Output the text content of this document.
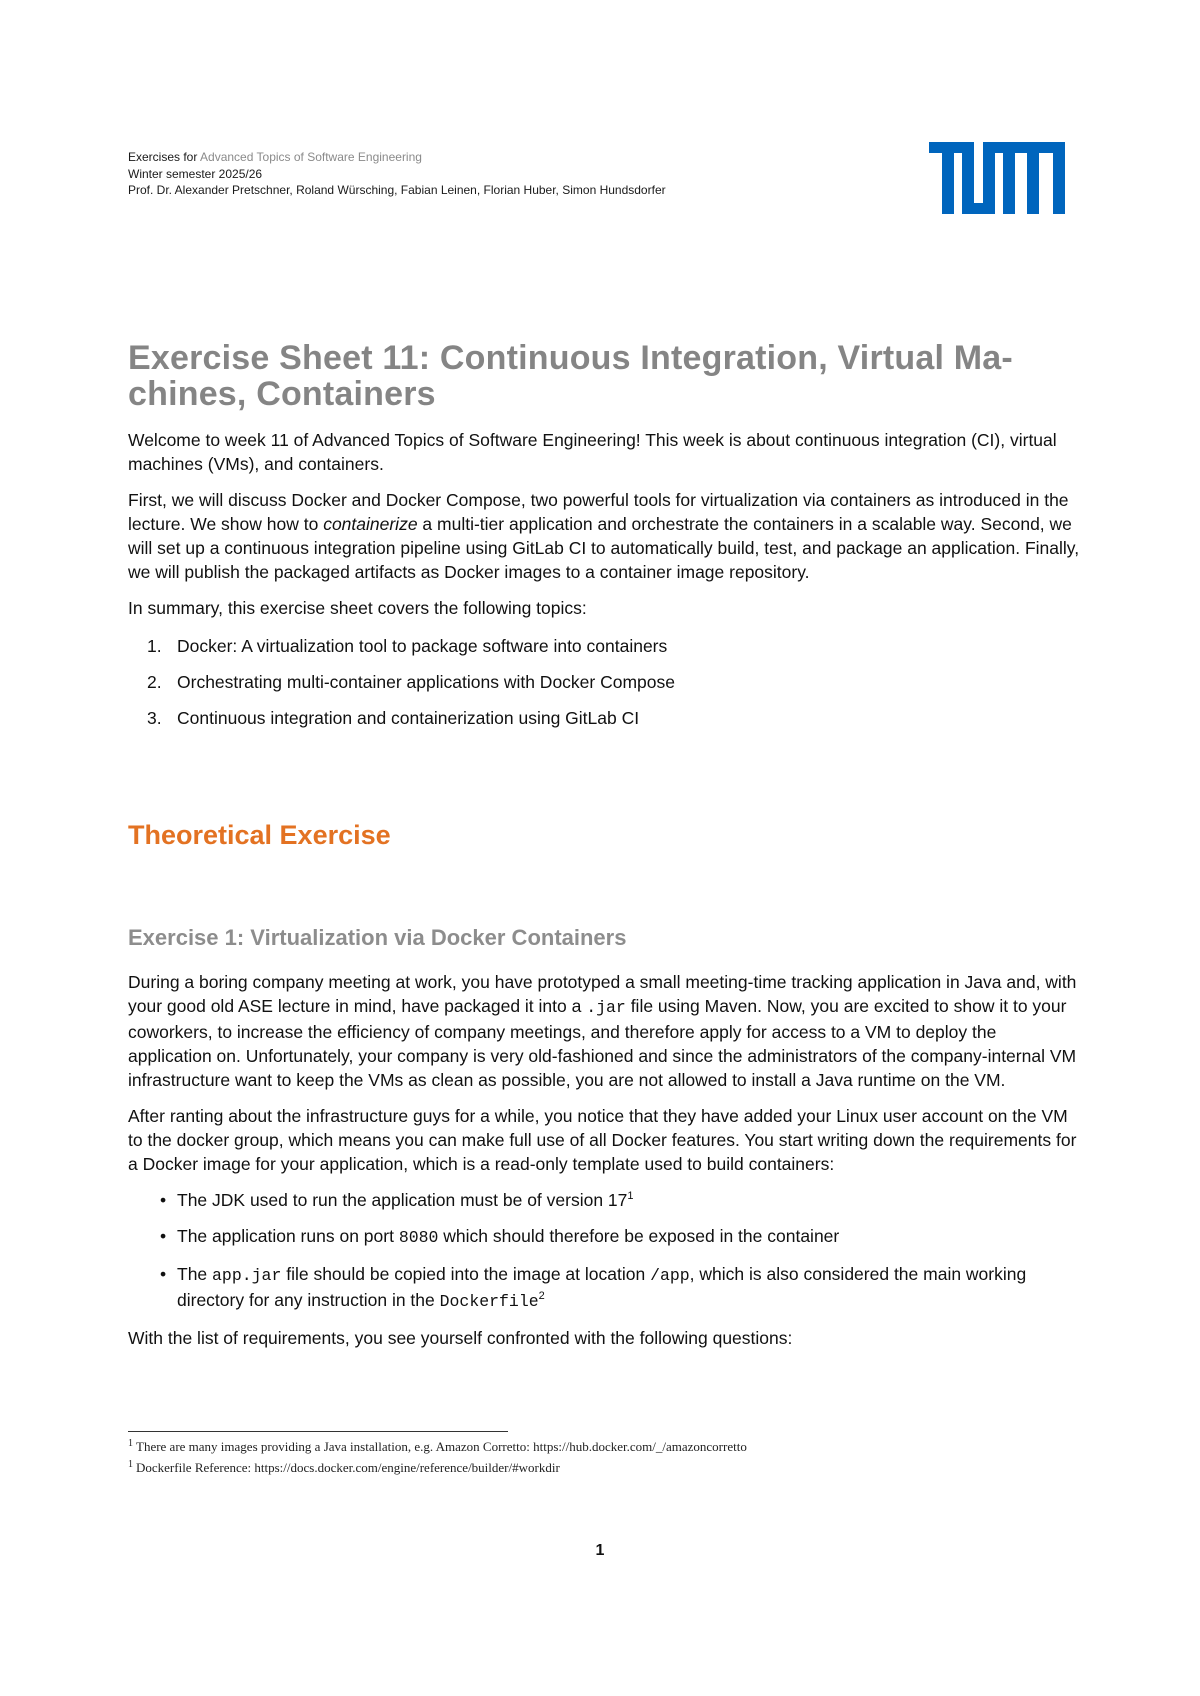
Exercises for Advanced Topics of Software Engineering
Winter semester 2025/26
Prof. Dr. Alexander Pretschner, Roland Würsching, Fabian Leinen, Florian Huber, Simon Hundsdorfer
Exercise Sheet 11: Continuous Integration, Virtual Ma- chines, Containers

Welcome to week 11 of Advanced Topics of Software Engineering! This week is about continuous integration (CI), virtual machines (VMs), and containers.

First, we will discuss Docker and Docker Compose, two powerful tools for virtualization via containers as introduced in the lecture. We show how to containerize a multi-tier application and orchestrate the containers in a scalable way. Second, we will set up a continuous integration pipeline using GitLab CI to automatically build, test, and package an application. Finally, we will publish the packaged artifacts as Docker images to a container image repository.

In summary, this exercise sheet covers the following topics:

1. Docker: A virtualization tool to package software into containers
2. Orchestrating multi-container applications with Docker Compose
3. Continuous integration and containerization using GitLab CI
Theoretical Exercise
Exercise 1: Virtualization via Docker Containers

During a boring company meeting at work, you have prototyped a small meeting-time tracking application in Java and, with your good old ASE lecture in mind, have packaged it into a .jar file using Maven. Now, you are excited to show it to your coworkers, to increase the efficiency of company meetings, and therefore apply for access to a VM to deploy the application on. Unfortunately, your company is very old-fashioned and since the administrators of the company-internal VM infrastructure want to keep the VMs as clean as possible, you are not allowed to install a Java runtime on the VM.

After ranting about the infrastructure guys for a while, you notice that they have added your Linux user account on the VM to the docker group, which means you can make full use of all Docker features. You start writing down the requirements for a Docker image for your application, which is a read-only template used to build containers:

• The JDK used to run the application must be of version 17$^1$
• The application runs on port 8080 which should therefore be exposed in the container
• The app.jar file should be copied into the image at location /app, which is also considered the main working directory for any instruction in the Dockerfile$^2$

With the list of requirements, you see yourself confronted with the following questions:

$^1$ There are many images providing a Java installation, e.g. Amazon Corretto: https://hub.docker.com/_/amazoncorretto
$^1$ Dockerfile Reference: https://docs.docker.com/engine/reference/builder/#workdir
1
